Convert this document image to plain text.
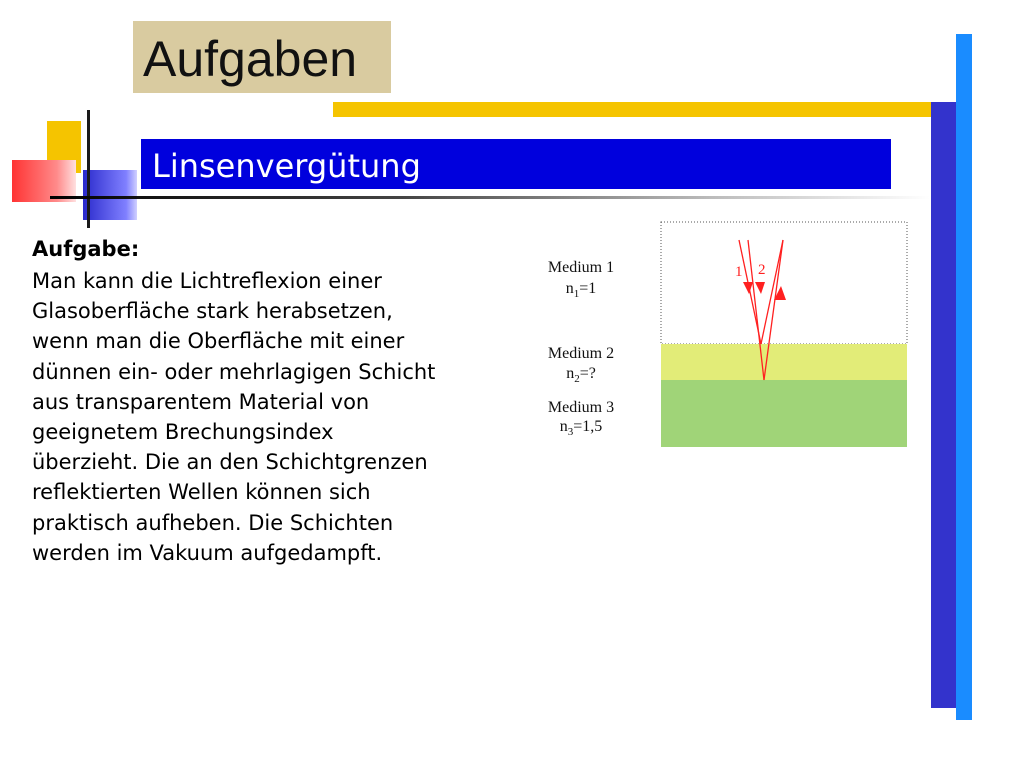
Aufgaben
Linsenvergütung
Aufgabe:
Man kann die Lichtreflexion einer
Glasoberfläche stark herabsetzen,
wenn man die Oberfläche mit einer
dünnen ein- oder mehrlagigen Schicht
aus transparentem Material von
geeignetem Brechungsindex
überzieht. Die an den Schichtgrenzen
reflektierten Wellen können sich
praktisch aufheben. Die Schichten
werden im Vakuum aufgedampft.
1 2
Medium 1
$n_1=1$
Medium 2
$n_2=$?
Medium 3
$n_3=1,5$
